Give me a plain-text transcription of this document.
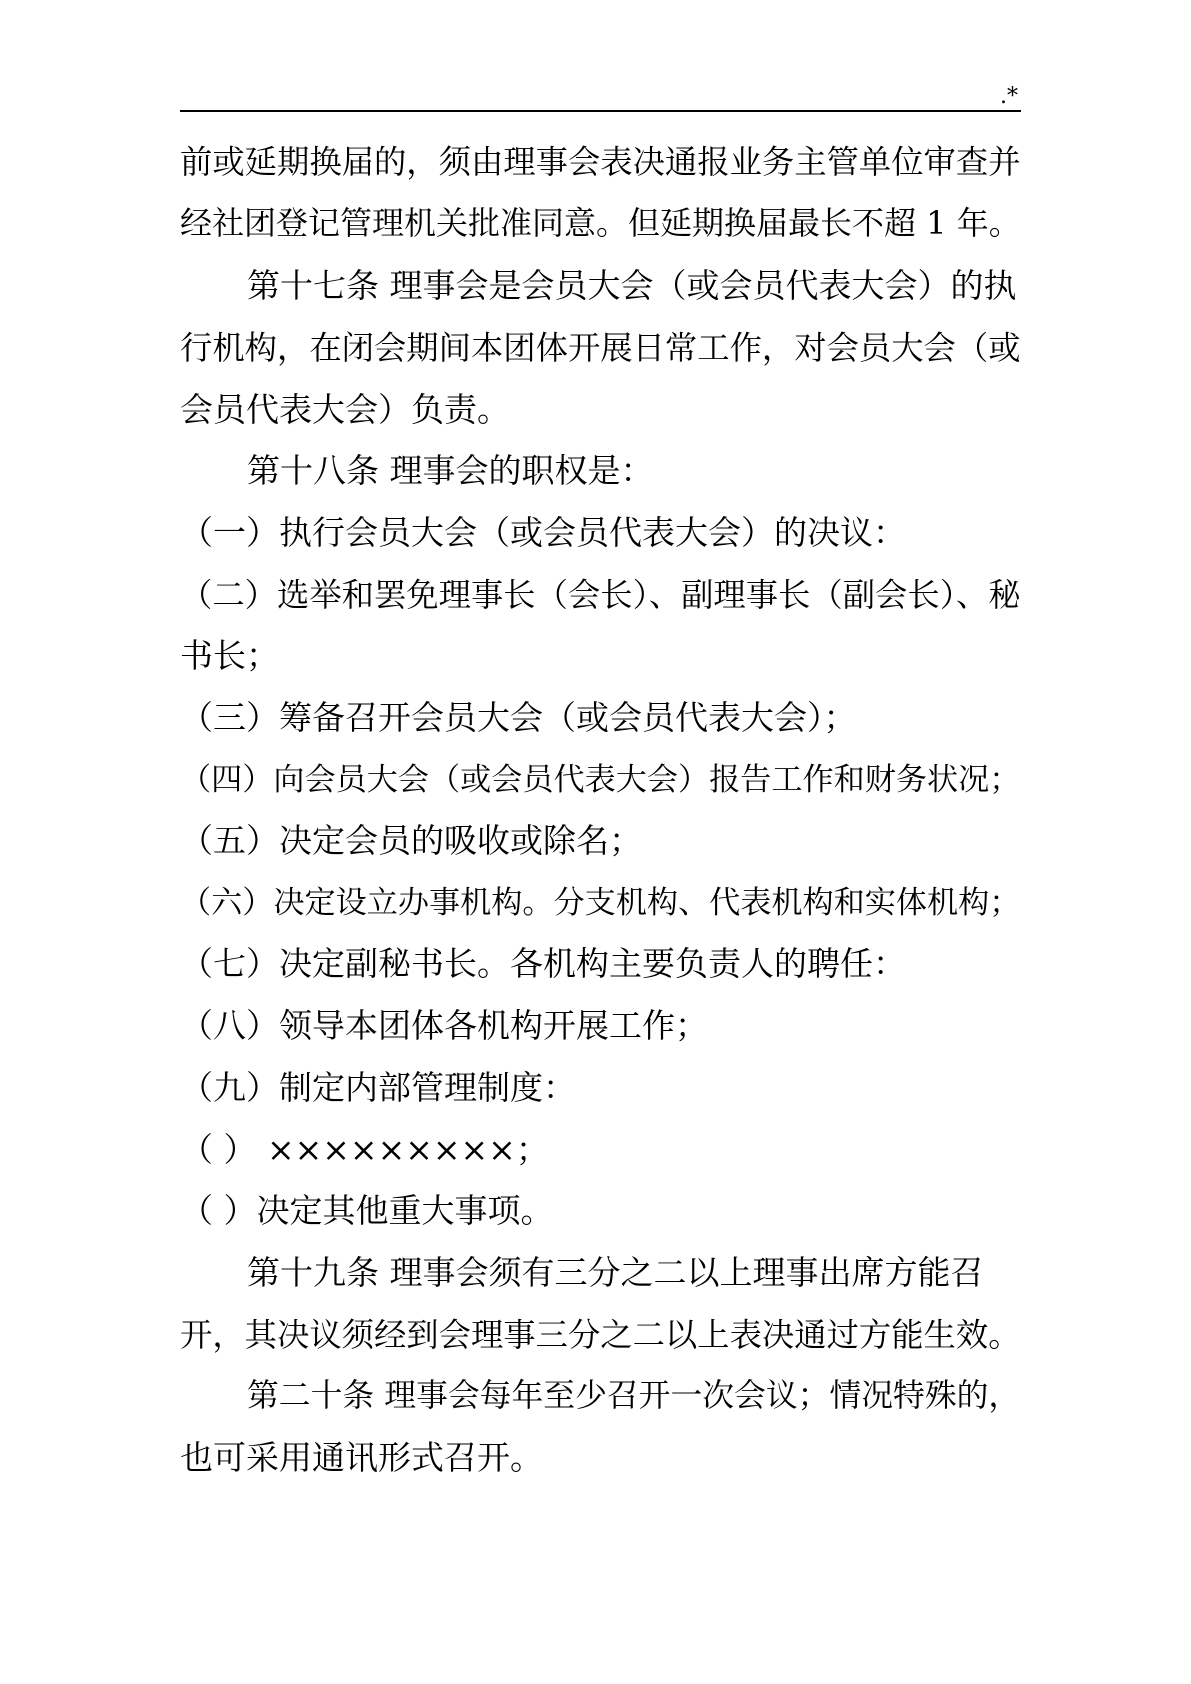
.*
前或延期换届的，须由理事会表决通报业务主管单位审查并
经社团登记管理机关批准同意。但延期换届最长不超 1 年。
第十七条 理事会是会员大会（或会员代表大会）的执
行机构，在闭会期间本团体开展日常工作，对会员大会（或
会员代表大会）负责。
第十八条 理事会的职权是：
（一）执行会员大会（或会员代表大会）的决议：
（二）选举和罢免理事长（会长）、副理事长（副会长）、秘
书长；
（三）筹备召开会员大会（或会员代表大会）；
（四）向会员大会（或会员代表大会）报告工作和财务状况；
（五）决定会员的吸收或除名；
（六）决定设立办事机构。分支机构、代表机构和实体机构；
（七）决定副秘书长。各机构主要负责人的聘任：
（八）领导本团体各机构开展工作；
（九）制定内部管理制度：
（ ） ×××××××××；
（ ）决定其他重大事项。
第十九条 理事会须有三分之二以上理事出席方能召
开，其决议须经到会理事三分之二以上表决通过方能生效。
第二十条 理事会每年至少召开一次会议；情况特殊的，
也可采用通讯形式召开。
